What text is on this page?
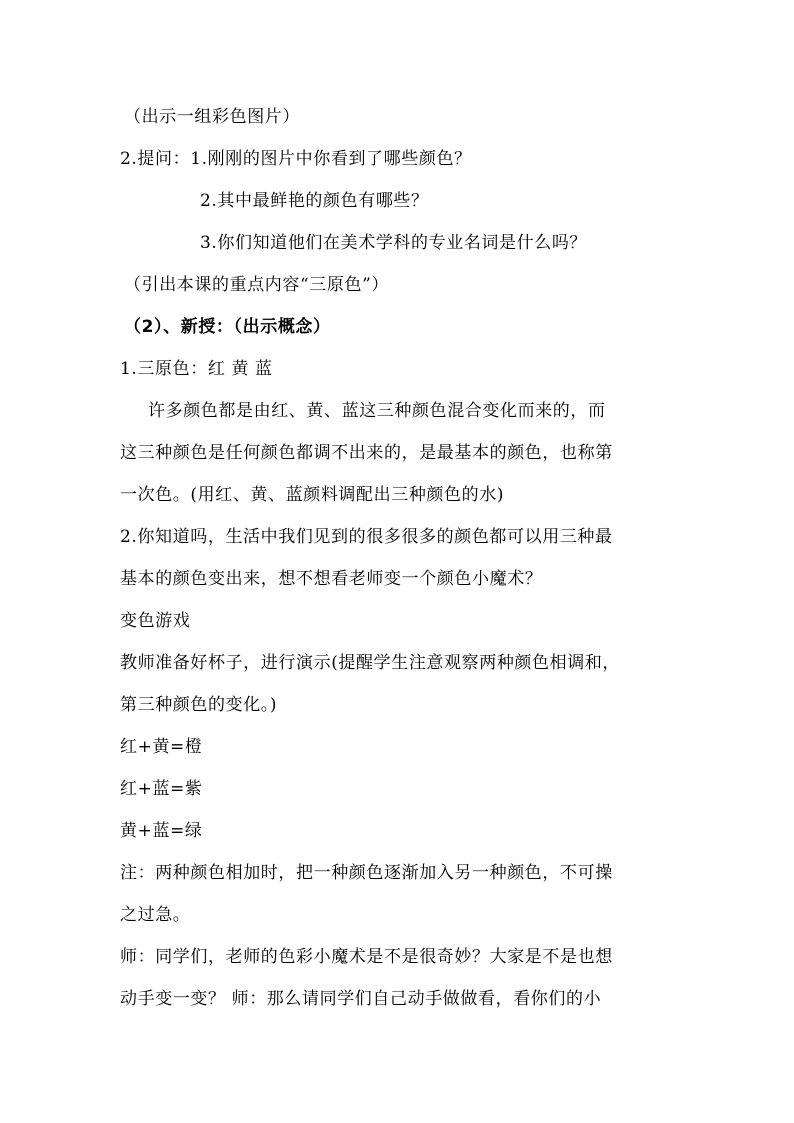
（出示一组彩色图片）
2.提问：1.刚刚的图片中你看到了哪些颜色？
2.其中最鲜艳的颜色有哪些？
3.你们知道他们在美术学科的专业名词是什么吗？
（引出本课的重点内容“三原色”）
（2）、新授：（出示概念）
1.三原色：红 黄 蓝
许多颜色都是由红、黄、蓝这三种颜色混合变化而来的，而
这三种颜色是任何颜色都调不出来的，是最基本的颜色，也称第
一次色。(用红、黄、蓝颜料调配出三种颜色的水)
2.你知道吗，生活中我们见到的很多很多的颜色都可以用三种最
基本的颜色变出来，想不想看老师变一个颜色小魔术？
变色游戏
教师准备好杯子，进行演示(提醒学生注意观察两种颜色相调和，
第三种颜色的变化。)
红+黄=橙
红+蓝=紫
黄+蓝=绿
注：两种颜色相加时，把一种颜色逐渐加入另一种颜色，不可操
之过急。
师：同学们，老师的色彩小魔术是不是很奇妙？大家是不是也想
动手变一变？ 师：那么请同学们自己动手做做看，看你们的小
